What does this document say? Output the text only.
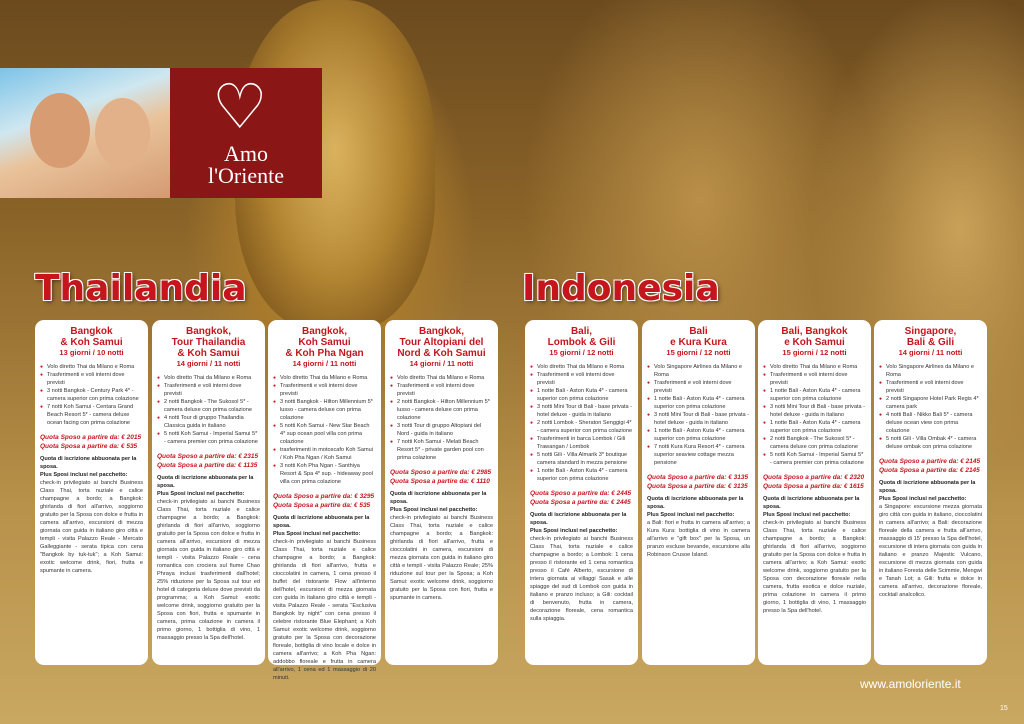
♡
Amo
l'Oriente
Thailandia	Indonesia
Bangkok
& Koh Samui
13 giorni / 10 notti
● Volo diretto Thai da Milano e Roma
● Trasferimenti e voli interni dove previsti
● 3 notti Bangkok - Century Park 4* - camera superior con prima colazione
● 7 notti Koh Samui - Centara Grand Beach Resort 5* - camera deluxe ocean facing con prima colazione
Quota Sposo a partire da: € 2015
Quota Sposa a partire da: € 535
Quota di iscrizione abbuonata per la sposa.
Plus Sposi inclusi nel pacchetto:
check-in privilegiato ai banchi Business Class Thai, torta nuziale e calice champagne a bordo; a Bangkok: ghirlanda di fiori all'arrivo, soggiorno gratuito per la Sposa con dolce e frutta in camera all'arrivo, escursioni di mezza giornata con guida in italiano giro città e templi - visita Palazzo Reale - Mercato Galleggiante - serata tipica con cena "Bangkok by tuk-tuk"; a Koh Samui: exotic welcome drink, fiori, frutta e spumante in camera.
Bangkok,
Tour Thailandia
& Koh Samui
14 giorni / 11 notti
● Volo diretto Thai da Milano e Roma
● Trasferimenti e voli interni dove previsti
● 2 notti Bangkok - The Sukosol 5* - camera deluxe con prima colazione
● 4 notti Tour di gruppo Thailandia Classica guida in italiano
● 5 notti Koh Samui - Imperial Samui 5* - camera premier con prima colazione
Quota Sposo a partire da: € 2315
Quota Sposa a partire da: € 1135
Quota di iscrizione abbuonata per la sposa.
Plus Sposi inclusi nel pacchetto:
check-in privilegiato ai banchi Business Class Thai, torta nuziale e calice champagne a bordo; a Bangkok: ghirlanda di fiori all'arrivo, soggiorno gratuito per la Sposa con dolce e frutta in camera all'arrivo, escursioni di mezza giornata con guida in italiano giro città e templi - visita Palazzo Reale - cena romantica con crociera sul fiume Chao Phraya inclusi trasferimenti dall'hotel; 25% riduzione per la Sposa sul tour ed hotel di categoria deluxe dove previsti da programma; a Koh Samui: exotic welcome drink, soggiorno gratuito per la Sposa con fiori, frutta e spumante in camera, prima colazione in camera il primo giorno, 1 bottiglia di vino, 1 massaggio presso la Spa dell'hotel.
Bangkok,
Koh Samui
& Koh Pha Ngan
14 giorni / 11 notti
● Volo diretto Thai da Milano e Roma
● Trasferimenti e voli interni dove previsti
● 3 notti Bangkok - Hilton Millennium 5* lusso - camera deluxe con prima colazione
● 5 notti Koh Samui - New Star Beach 4* sup ocean pool villa con prima colazione
● trasferimenti in motoscafo Koh Samui / Koh Pha Ngan / Koh Samui
● 3 notti Koh Pha Ngan - Santhiya Resort & Spa 4* sup. - hideaway pool villa con prima colazione
Quota Sposo a partire da: € 3295
Quota Sposa a partire da: € 535
Quota di iscrizione abbuonata per la sposa.
Plus Sposi inclusi nel pacchetto:
check-in privilegiato ai banchi Business Class Thai, torta nuziale e calice champagne a bordo; a Bangkok: ghirlanda di fiori all'arrivo, frutta e cioccolatini in camera, 1 cena presso il buffet del ristorante Flow all'interno dell'hotel, escursioni di mezza giornata con guida in italiano giro città e templi - visita Palazzo Reale - serata "Esclusiva Bangkok by night" con cena presso il celebre ristorante Blue Elephant; a Koh Samui: exotic welcome drink, soggiorno gratuito per la Sposa con decorazione floreale, bottiglia di vino locale e dolce in camera all'arrivo; a Koh Pha Ngan: addobbo floreale e frutta in camera all'arrivo, 1 cena ed 1 massaggio di 20 minuti.
Bangkok,
Tour Altopiani del
Nord & Koh Samui
14 giorni / 11 notti
● Volo diretto Thai da Milano e Roma
● Trasferimenti e voli interni dove previsti
● 2 notti Bangkok - Hilton Millennium 5* lusso - camera deluxe con prima colazione
● 3 notti Tour di gruppo Altopiani del Nord - guida in italiano
● 7 notti Koh Samui - Melati Beach Resort 5* - private garden pool con prima colazione
Quota Sposo a partire da: € 2985
Quota Sposa a partire da: € 1110
Quota di iscrizione abbuonata per la sposa.
Plus Sposi inclusi nel pacchetto:
check-in privilegiato ai banchi Business Class Thai, torta nuziale e calice champagne a bordo; a Bangkok: ghirlanda di fiori all'arrivo, frutta e cioccolatini in camera, escursioni di mezza giornata con guida in italiano giro città e templi - visita Palazzo Reale; 25% riduzione sul tour per la Sposa; a Koh Samui: exotic welcome drink, soggiorno gratuito per la Sposa con fiori, frutta e spumante in camera.
Bali,
Lombok & Gili
15 giorni / 12 notti
● Volo diretto Thai da Milano e Roma
● Trasferimenti e voli interni dove previsti
● 1 notte Bali - Aston Kuta 4* - camera superior con prima colazione
● 3 notti Mini Tour di Bali - base privata - hotel deluxe - guida in italiano
● 2 notti Lombok - Sheraton Senggigi 4* - camera superior con prima colazione
● Trasferimenti in barca Lombok / Gili Trawangan / Lombok
● 5 notti Gili - Villa Almarik 3* boutique camera standard in mezza pensione
● 1 notte Bali - Aston Kuta 4* - camera superior con prima colazione
Quota Sposo a partire da: € 2445
Quota Sposa a partire da: € 2445
Quota di iscrizione abbuonata per la sposa.
Plus Sposi inclusi nel pacchetto:
check-in privilegiato ai banchi Business Class Thai, torta nuziale e calice champagne a bordo; a Lombok: 1 cena presso il ristorante ed 1 cena romantica presso il Café Alberto, escursione di intera giornata ai villaggi Sasak e alle spiagge del sud di Lombok con guida in italiano e pranzo incluso; a Gili: cocktail di benvenuto, frutta in camera, decorazione floreale, cena romantica sulla spiaggia.
Bali
e Kura Kura
15 giorni / 12 notti
● Volo Singapore Airlines da Milano e Roma
● Trasferimenti e voli interni dove previsti
● 1 notte Bali - Aston Kuta 4* - camera superior con prima colazione
● 3 notti Mini Tour di Bali - base privata - hotel deluxe - guida in italiano
● 1 notte Bali - Aston Kuta 4* - camera superior con prima colazione
● 7 notti Kura Kura Resort 4* - camera superior seaview cottage mezza pensione
Quota Sposo a partire da: € 3135
Quota Sposa a partire da: € 3135
Quota di iscrizione abbuonata per la sposa.
Plus Sposi inclusi nel pacchetto:
a Bali: fiori e frutta in camera all'arrivo; a Kura Kura: bottiglia di vino in camera all'arrivo e "gift box" per la Sposa, un pranzo escluse bevande, escursione alla Robinson Crusoe Island.
Bali, Bangkok
e Koh Samui
15 giorni / 12 notti
● Volo diretto Thai da Milano e Roma
● Trasferimenti e voli interni dove previsti
● 1 notte Bali - Aston Kuta 4* - camera superior con prima colazione
● 3 notti Mini Tour di Bali - base privata - hotel deluxe - guida in italiano
● 1 notte Bali - Aston Kuta 4* - camera superior con prima colazione
● 2 notti Bangkok - The Sukosol 5* - camera deluxe con prima colazione
● 5 notti Koh Samui - Imperial Samui 5* - camera premier con prima colazione
Quota Sposo a partire da: € 2320
Quota Sposa a partire da: € 1615
Quota di iscrizione abbuonata per la sposa.
Plus Sposi inclusi nel pacchetto:
check-in privilegiato ai banchi Business Class Thai, torta nuziale e calice champagne a bordo; a Bangkok: ghirlanda di fiori all'arrivo, soggiorno gratuito per la Sposa con dolce e frutta in camera all'arrivo; a Koh Samui: exotic welcome drink, soggiorno gratuito per la Sposa con decorazione floreale nella camera, frutta esotica e dolce nuziale, prima colazione in camera il primo giorno, 1 bottiglia di vino, 1 massaggio presso la Spa dell'hotel.
Singapore,
Bali & Gili
14 giorni / 11 notti
● Volo Singapore Airlines da Milano e Roma
● Trasferimenti e voli interni dove previsti
● 2 notti Singapore Hotel Park Regis 4* camera park
● 4 notti Bali - Nikko Bali 5* - camera deluxe ocean view con prima colazione
● 5 notti Gili - Villa Ombak 4* - camera deluxe ombak con prima colazione
Quota Sposo a partire da: € 2145
Quota Sposa a partire da: € 2145
Quota di iscrizione abbuonata per la sposa.
Plus Sposi inclusi nel pacchetto:
a Singapore: escursione mezza giornata giro città con guida in italiano, cioccolatini in camera all'arrivo; a Bali: decorazione floreale della camera e frutta all'arrivo, massaggio di 15' presso la Spa dell'hotel, escursione di intera giornata con guida in italiano e pranzo Majestic Vulcano, escursione di mezza giornata con guida in italiano Foresta delle Scimmie, Mengwi e Tanah Lot; a Gili: frutta e dolce in camera all'arrivo, decorazione floreale, cocktail analcolico.
www.amoloriente.it
15
